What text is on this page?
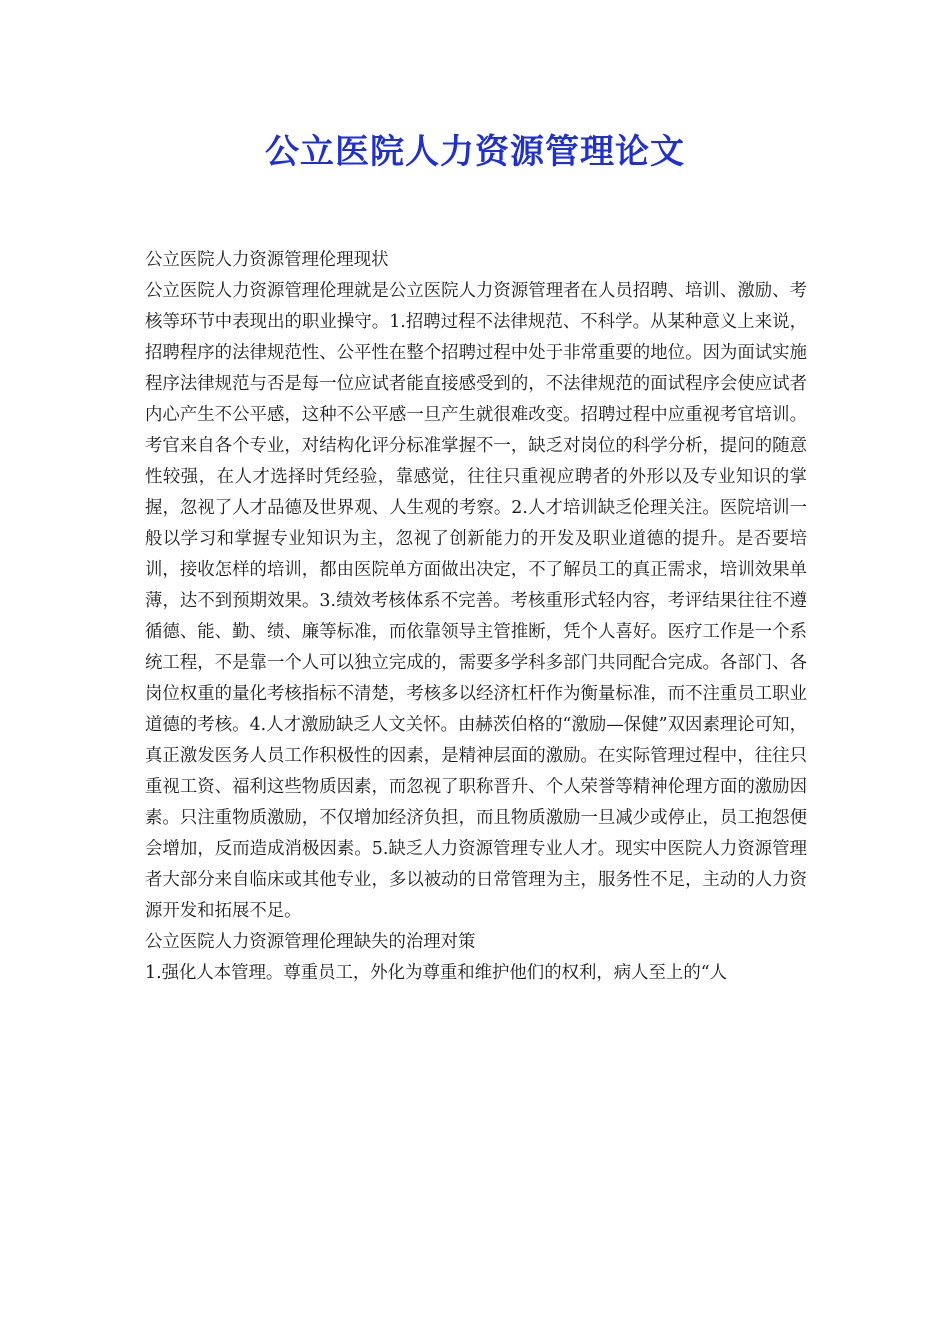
公立医院人力资源管理论文

公立医院人力资源管理伦理现状

公立医院人力资源管理伦理就是公立医院人力资源管理者在人员招聘、培训、激励、考核等环节中表现出的职业操守。1.招聘过程不法律规范、不科学。从某种意义上来说，招聘程序的法律规范性、公平性在整个招聘过程中处于非常重要的地位。因为面试实施程序法律规范与否是每一位应试者能直接感受到的，不法律规范的面试程序会使应试者内心产生不公平感，这种不公平感一旦产生就很难改变。招聘过程中应重视考官培训。考官来自各个专业，对结构化评分标准掌握不一，缺乏对岗位的科学分析，提问的随意性较强，在人才选择时凭经验，靠感觉，往往只重视应聘者的外形以及专业知识的掌握，忽视了人才品德及世界观、人生观的考察。2.人才培训缺乏伦理关注。医院培训一般以学习和掌握专业知识为主，忽视了创新能力的开发及职业道德的提升。是否要培训，接收怎样的培训，都由医院单方面做出决定，不了解员工的真正需求，培训效果单薄，达不到预期效果。3.绩效考核体系不完善。考核重形式轻内容，考评结果往往不遵循德、能、勤、绩、廉等标准，而依靠领导主管推断，凭个人喜好。医疗工作是一个系统工程，不是靠一个人可以独立完成的，需要多学科多部门共同配合完成。各部门、各岗位权重的量化考核指标不清楚，考核多以经济杠杆作为衡量标准，而不注重员工职业道德的考核。4.人才激励缺乏人文关怀。由赫茨伯格的“激励—保健”双因素理论可知，真正激发医务人员工作积极性的因素，是精神层面的激励。在实际管理过程中，往往只重视工资、福利这些物质因素，而忽视了职称晋升、个人荣誉等精神伦理方面的激励因素。只注重物质激励，不仅增加经济负担，而且物质激励一旦减少或停止，员工抱怨便会增加，反而造成消极因素。5.缺乏人力资源管理专业人才。现实中医院人力资源管理者大部分来自临床或其他专业，多以被动的日常管理为主，服务性不足，主动的人力资源开发和拓展不足。

公立医院人力资源管理伦理缺失的治理对策

1.强化人本管理。尊重员工，外化为尊重和维护他们的权利，病人至上的“人
